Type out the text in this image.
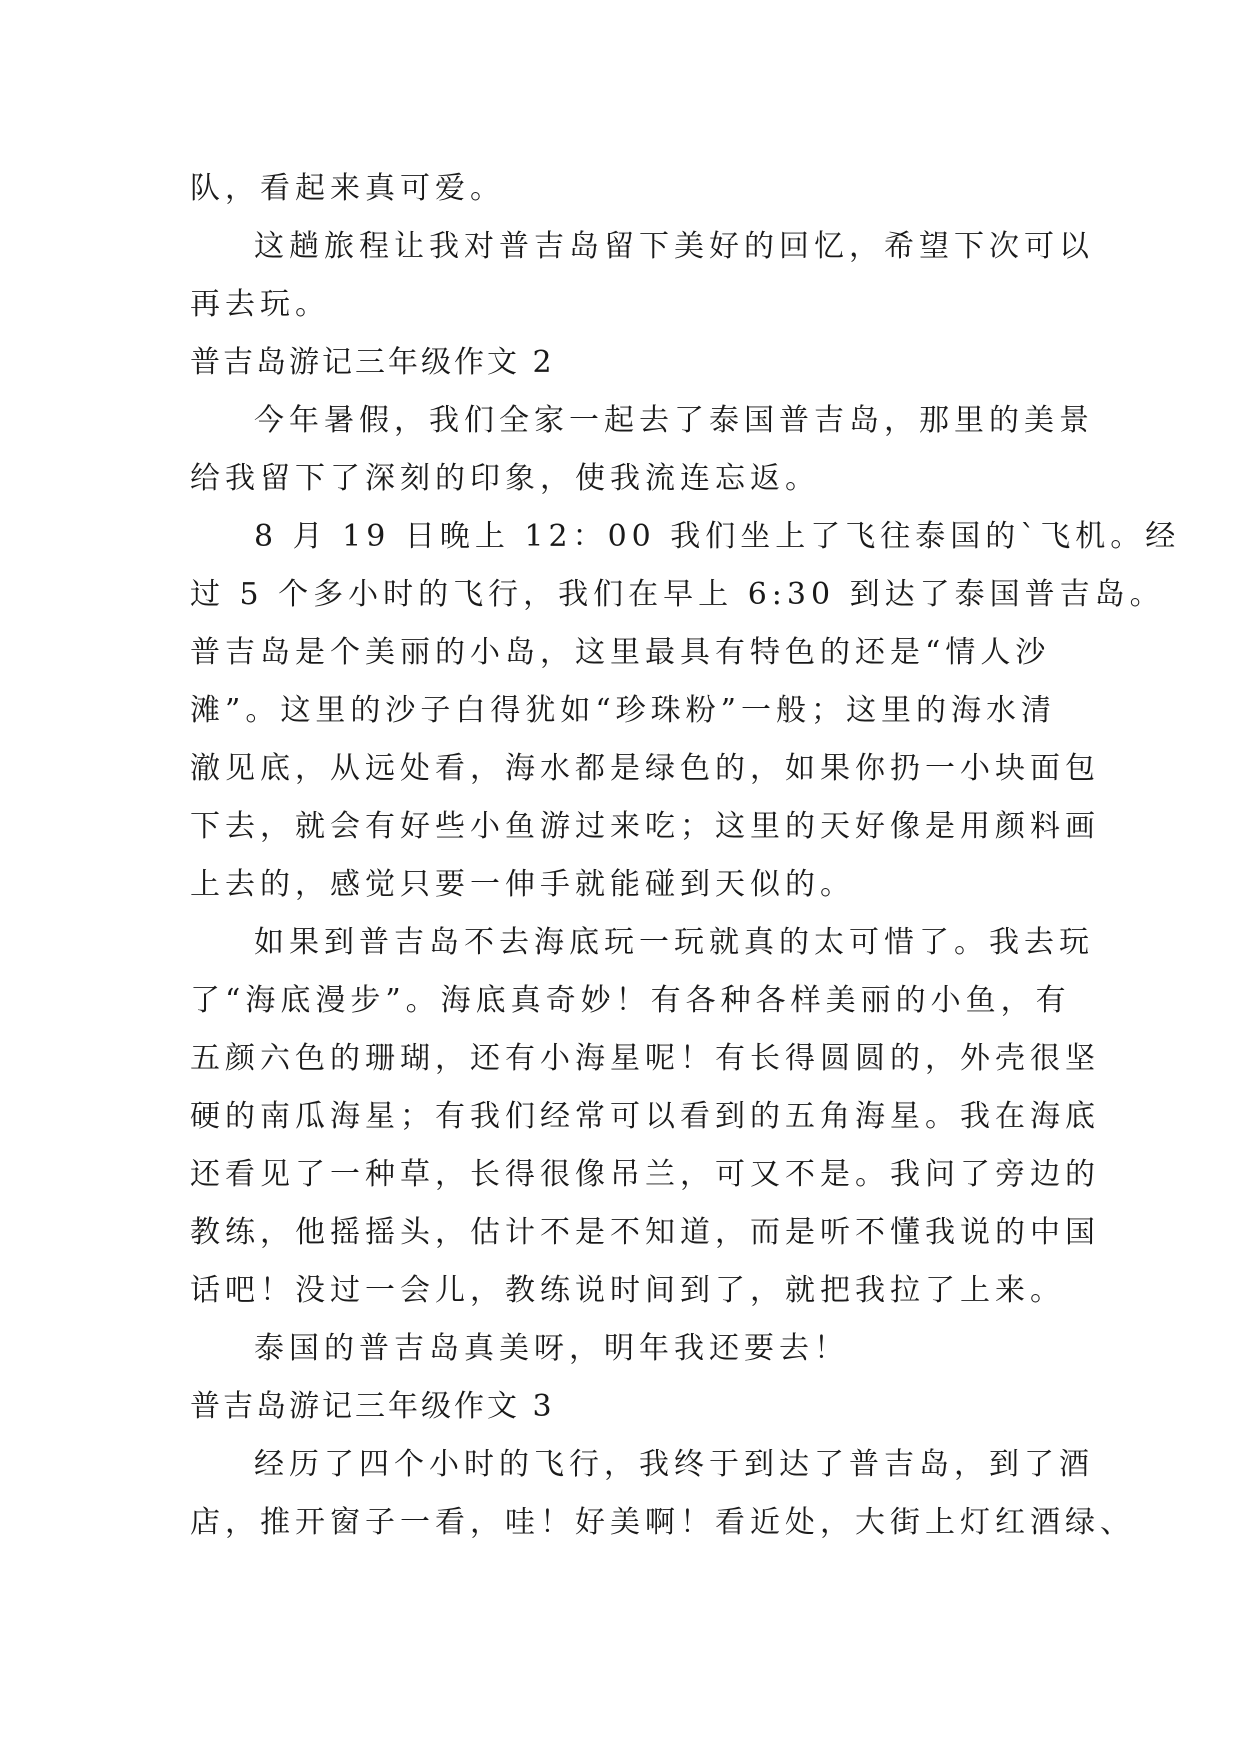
队，看起来真可爱。
这趟旅程让我对普吉岛留下美好的回忆，希望下次可以
再去玩。
普吉岛游记三年级作文 2
今年暑假，我们全家一起去了泰国普吉岛，那里的美景
给我留下了深刻的印象，使我流连忘返。
8 月 19 日晚上 12：00 我们坐上了飞往泰国的`飞机。经
过 5 个多小时的飞行，我们在早上 6:30 到达了泰国普吉岛。
普吉岛是个美丽的小岛，这里最具有特色的还是“情人沙
滩”。这里的沙子白得犹如“珍珠粉”一般；这里的海水清
澈见底，从远处看，海水都是绿色的，如果你扔一小块面包
下去，就会有好些小鱼游过来吃；这里的天好像是用颜料画
上去的，感觉只要一伸手就能碰到天似的。
如果到普吉岛不去海底玩一玩就真的太可惜了。我去玩
了“海底漫步”。海底真奇妙！有各种各样美丽的小鱼，有
五颜六色的珊瑚，还有小海星呢！有长得圆圆的，外壳很坚
硬的南瓜海星；有我们经常可以看到的五角海星。我在海底
还看见了一种草，长得很像吊兰，可又不是。我问了旁边的
教练，他摇摇头，估计不是不知道，而是听不懂我说的中国
话吧！没过一会儿，教练说时间到了，就把我拉了上来。
泰国的普吉岛真美呀，明年我还要去！
普吉岛游记三年级作文 3
经历了四个小时的飞行，我终于到达了普吉岛，到了酒
店，推开窗子一看，哇！好美啊！看近处，大街上灯红酒绿、
